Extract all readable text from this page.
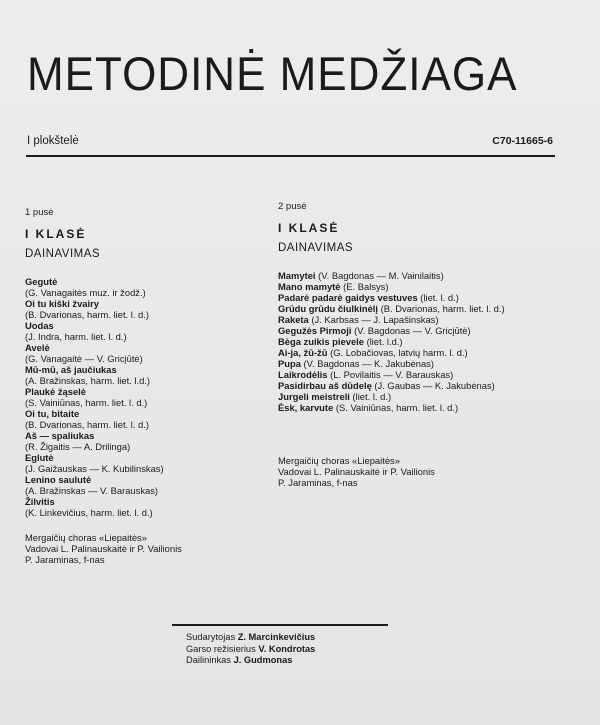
METODINĖ MEDŽIAGA
I plokštelė	C70-11665-6
1 pusė
I KLASĖ
DAINAVIMAS
Gegutė
(G. Vanagaitės muz. ir žodž.)
Oi tu kiški žvairy
(B. Dvarionas, harm. liet. l. d.)
Uodas
(J. Indra, harm. liet. l. d.)
Avelė
(G. Vanagaitė — V. Gricįūtė)
Mū-mū, aš jaučiukas
(A. Bražinskas, harm. liet. l.d.)
Plaukė žąselė
(S. Vainiūnas, harm. liet. l. d.)
Oi tu, bitaite
(B. Dvarionas, harm. liet. l. d.)
Aš — spaliukas
(R. Žigaitis — A. Drilinga)
Eglutė
(J. Gaižauskas — K. Kubilinskas)
Lenino saulutė
(A. Bražinskas — V. Barauskas)
Žilvitis
(K. Linkevičius, harm. liet. l. d.)
Mergaičių choras «Liepaitės»
Vadovai L. Palinauskaitė ir P. Vailionis
P. Jaraminas, f-nas
2 pusė
I KLASĖ
DAINAVIMAS
Mamytei (V. Bagdonas — M. Vainilaitis)
Mano mamytė (E. Balsys)
Padarė padarė gaidys vestuves (liet. l. d.)
Grūdu grūdu čiulkinėlį (B. Dvarionas, harm. liet. l. d.)
Raketa (J. Karbsas — J. Lapašinskas)
Gegužės Pirmoji (V. Bagdonas — V. Gricįūtė)
Bėga zuikis pievele (liet. l.d.)
Ai-ja, žū-žū (G. Lobačiovas, latvių harm. l. d.)
Pupa (V. Bagdonas — K. Jakubėnas)
Laikrodėlis (L. Povilaitis — V. Barauskas)
Pasidirbau aš dūdelę (J. Gaubas — K. Jakubėnas)
Jurgeli meistreli (liet. l. d.)
Ėsk, karvute (S. Vainiūnas, harm. liet. l. d.)
Mergaičių choras «Liepaitės»
Vadovai L. Palinauskaitė ir P. Vailionis
P. Jaraminas, f-nas
Sudarytojas Z. Marcinkevičius
Garso režisierius V. Kondrotas
Dailininkas J. Gudmonas
